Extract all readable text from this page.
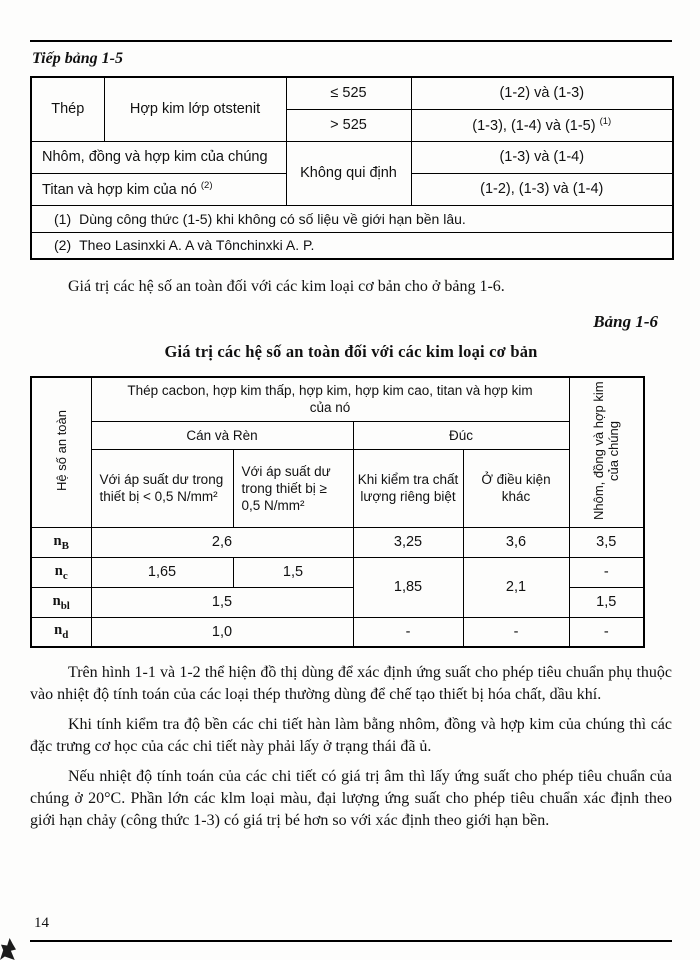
Tiếp bảng 1-5
Thép	Hợp kim lớp otstenit	≤ 525	(1-2) và (1-3)
		> 525	(1-3), (1-4) và (1-5) $^{(1)}$
Nhôm, đồng và hợp kim của chúng		Không qui định	(1-3) và (1-4)
Titan và hợp kim của nó $^{(2)}$			(1-2), (1-3) và (1-4)
(1) Dùng công thức (1-5) khi không có số liệu về giới hạn bền lâu.			
(2) Theo Lasinxki A. A và Tônchinxki A. P.			

Giá trị các hệ số an toàn đối với các kim loại cơ bản cho ở bảng 1-6.

Bảng 1-6
Giá trị các hệ số an toàn đối với các kim loại cơ bản
Hệ số an toàn	Thép cacbon, hợp kim thấp, hợp kim, hợp kim cao, titan và hợp kim của nó				Nhôm, đồng và hợp kim của chúng
	Cán và Rèn		Đúc		
	Với áp suất dư trong thiết bị < 0,5 N/mm²	Với áp suất dư trong thiết bị ≥ 0,5 N/mm²	Khi kiểm tra chất lượng riêng biệt	Ở điều kiện khác	
$n_B$	2,6		3,25	3,6	3,5
$n_c$	1,65	1,5	1,85	2,1	-
$n_{bl}$	1,5				1,5
$n_d$	1,0		-	-	-

Trên hình 1-1 và 1-2 thể hiện đồ thị dùng để xác định ứng suất cho phép tiêu chuẩn phụ thuộc vào nhiệt độ tính toán của các loại thép thường dùng để chế tạo thiết bị hóa chất, dầu khí.

Khi tính kiểm tra độ bền các chi tiết hàn làm bằng nhôm, đồng và hợp kim của chúng thì các đặc trưng cơ học của các chi tiết này phải lấy ở trạng thái đã ủ.

Nếu nhiệt độ tính toán của các chi tiết có giá trị âm thì lấy ứng suất cho phép tiêu chuẩn của chúng ở 20°C. Phần lớn các klm loại màu, đại lượng ứng suất cho phép tiêu chuẩn xác định theo giới hạn chảy (công thức 1-3) có giá trị bé hơn so với xác định theo giới hạn bền.

14
